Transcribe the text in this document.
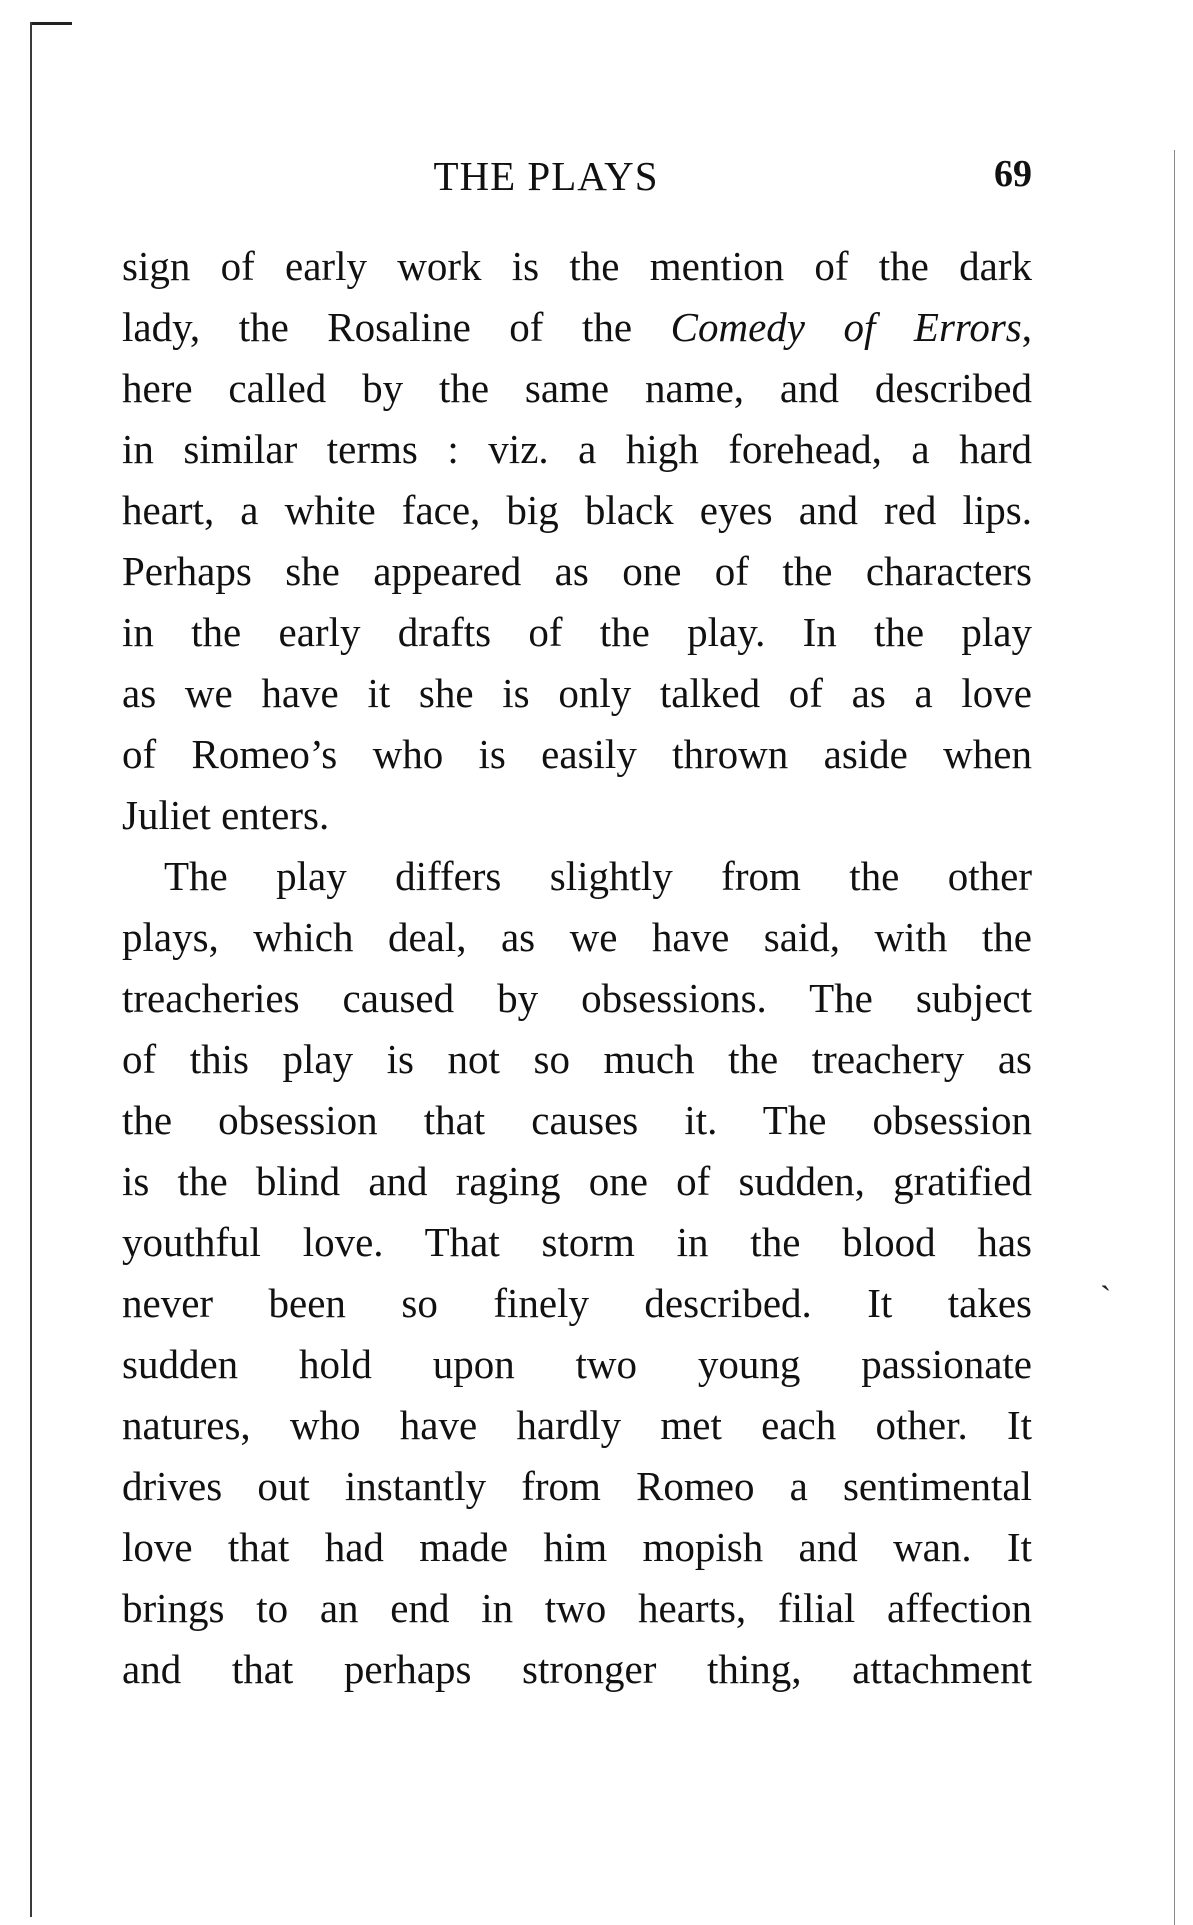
ˋ
THE PLAYS	69
sign of early work is the mention of the dark
lady, the Rosaline of the Comedy of Errors,
here called by the same name, and described
in similar terms : viz. a high forehead, a hard
heart, a white face, big black eyes and red lips.
Perhaps she appeared as one of the characters
in the early drafts of the play. In the play
as we have it she is only talked of as a love
of Romeo’s who is easily thrown aside when
Juliet enters.
The play differs slightly from the other
plays, which deal, as we have said, with the
treacheries caused by obsessions. The subject
of this play is not so much the treachery as
the obsession that causes it. The obsession
is the blind and raging one of sudden, gratified
youthful love. That storm in the blood has
never been so finely described. It takes
sudden hold upon two young passionate
natures, who have hardly met each other. It
drives out instantly from Romeo a sentimental
love that had made him mopish and wan. It
brings to an end in two hearts, filial affection
and that perhaps stronger thing, attachment
